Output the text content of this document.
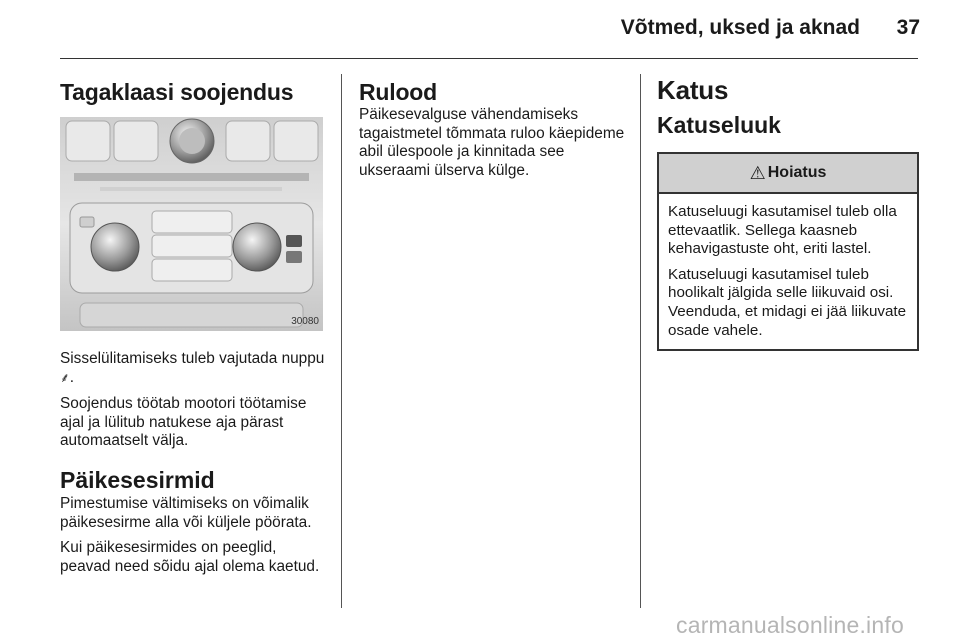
Võtmed, uksed ja aknad	37
Tagaklaasi soojendus
30080

Sisselülitamiseks tuleb vajutada nuppu ⸙.

Soojendus töötab mootori töötamise ajal ja lülitub natukese aja pärast automaatselt välja.

Päikesesirmid

Pimestumise vältimiseks on võimalik päikesesirme alla või küljele pöörata.

Kui päikesesirmides on peeglid, peavad need sõidu ajal olema kaetud.

Rulood

Päikesevalguse vähendamiseks tagaistmetel tõmmata ruloo käepideme abil ülespoole ja kinnitada see ukseraami ülserva külge.

Katus
Katuseluuk
⚠ Hoiatus

Katuseluugi kasutamisel tuleb olla ettevaatlik. Sellega kaasneb kehavigastuste oht, eriti lastel.

Katuseluugi kasutamisel tuleb hoolikalt jälgida selle liikuvaid osi. Veenduda, et midagi ei jää liikuvate osade vahele.

carmanualsonline.info
